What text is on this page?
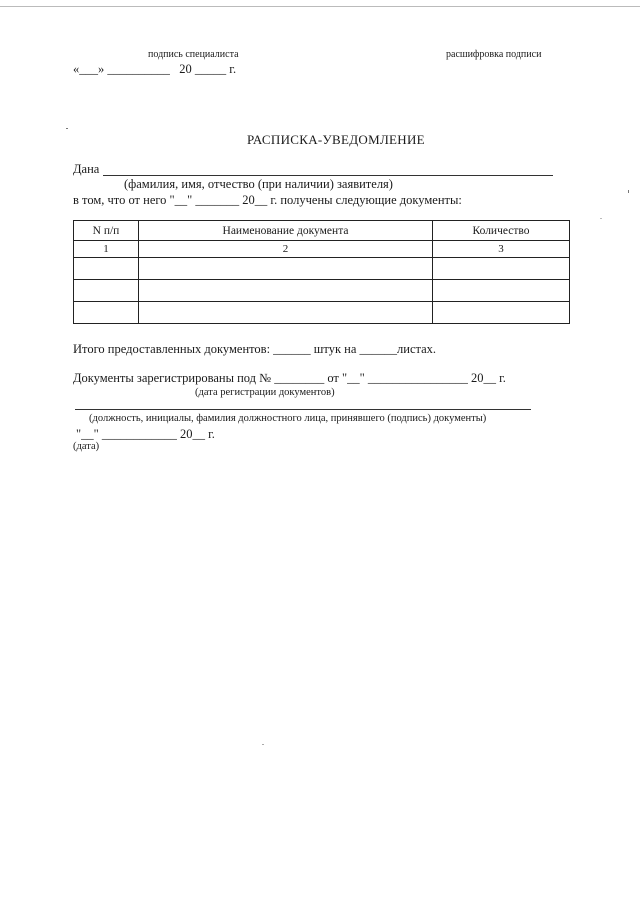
подпись специалиста	расшифровка подписи
«___» __________   20 _____ г.
РАСПИСКА-УВЕДОМЛЕНИЕ
Дана
(фамилия, имя, отчество (при наличии) заявителя)
в том, что от него "__" _______ 20__ г. получены следующие документы:
N п/п	Наименование документа	Количество
1	2	3

Итого предоставленных документов: ______ штук на ______листах.
Документы зарегистрированы под № ________ от "__" ________________ 20__ г.
(дата регистрации документов)
(должность, инициалы, фамилия должностного лица, принявшего (подпись) документы)
"__" ____________ 20__ г.
(дата)
